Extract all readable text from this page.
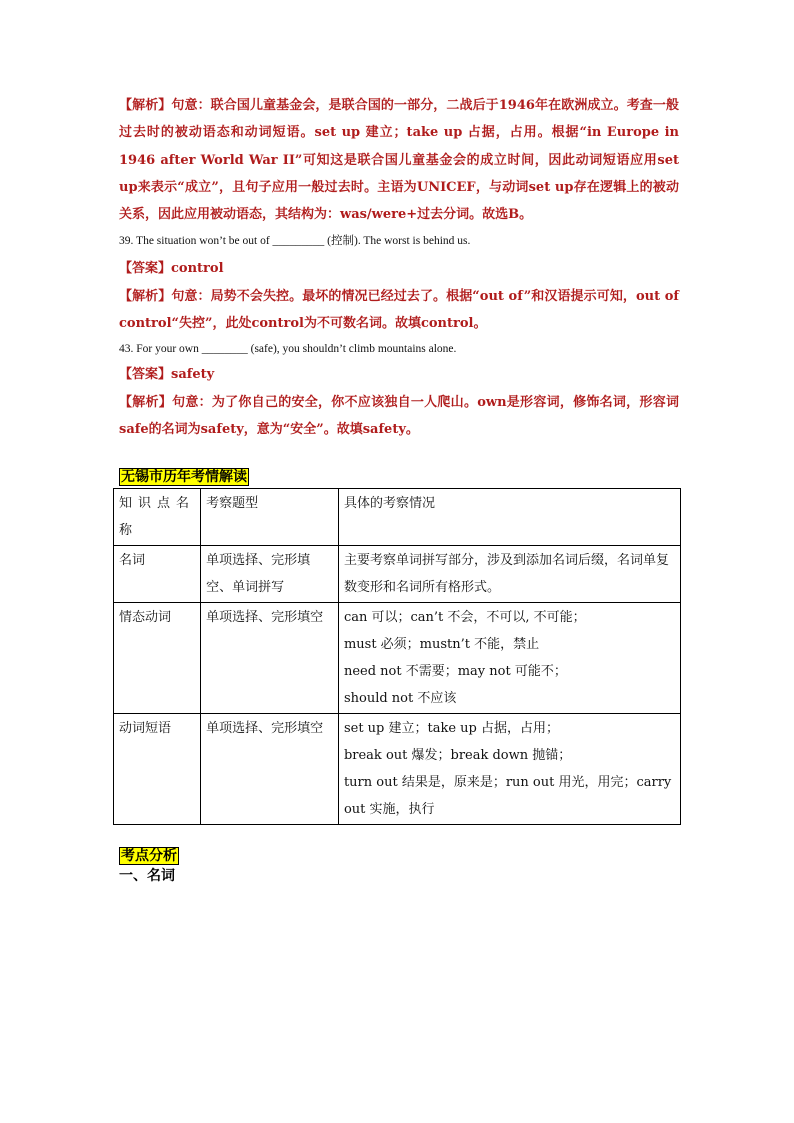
【解析】句意：联合国儿童基金会，是联合国的一部分，二战后于1946年在欧洲成立。考查一般过去时的被动语态和动词短语。set up 建立；take up 占据，占用。根据“in Europe in 1946 after World War II”可知这是联合国儿童基金会的成立时间，因此动词短语应用set up来表示“成立”，且句子应用一般过去时。主语为UNICEF，与动词set up存在逻辑上的被动关系，因此应用被动语态，其结构为：was/were+过去分词。故选B。

39. The situation won’t be out of _________ (控制). The worst is behind us.
【答案】control

【解析】句意：局势不会失控。最坏的情况已经过去了。根据“out of”和汉语提示可知，out of control“失控”，此处control为不可数名词。故填control。

43. For your own ________ (safe), you shouldn’t climb mountains alone.
【答案】safety

【解析】句意：为了你自己的安全，你不应该独自一人爬山。own是形容词，修饰名词，形容词safe的名词为safety，意为“安全”。故填safety。

无锡市历年考情解读
知识点名称	考察题型	具体的考察情况
名词	单项选择、完形填空、单词拼写	主要考察单词拼写部分，涉及到添加名词后缀，名词单复数变形和名词所有格形式。

情态动词	单项选择、完形填空	can 可以；can’t 不会，不可以, 不可能；
must 必须；mustn’t 不能，禁止
need not 不需要；may not 可能不；
should not 不应该

动词短语	单项选择、完形填空	set up 建立；take up 占据，占用；
break out 爆发；break down 抛锚；
turn out 结果是，原来是；run out 用光，用完；carry out 实施，执行
考点分析
一、名词
